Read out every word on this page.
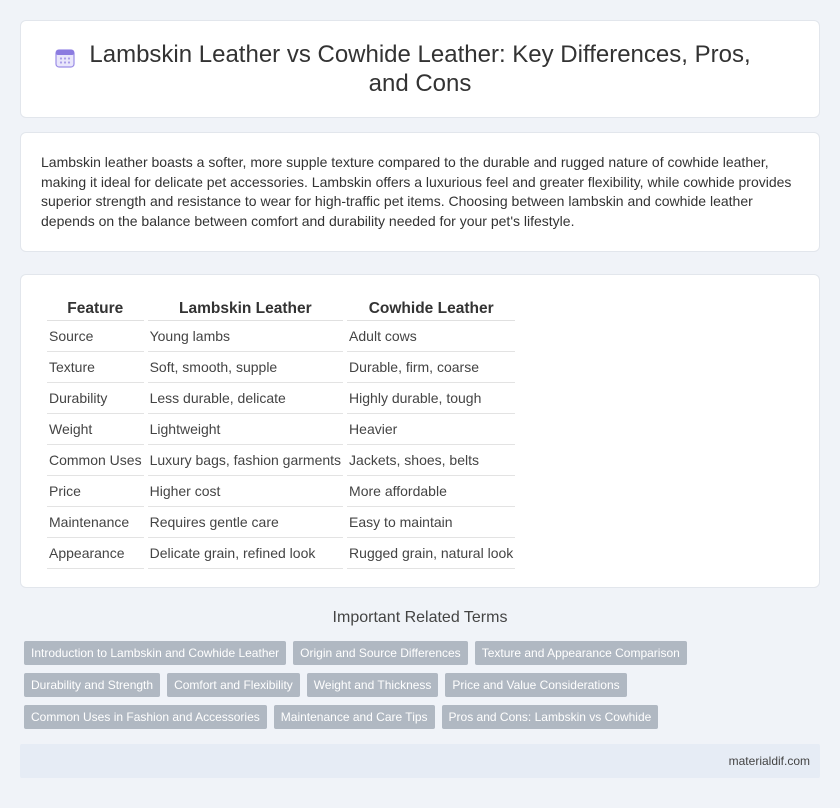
Lambskin Leather vs Cowhide Leather: Key Differences, Pros, and Cons

Lambskin leather boasts a softer, more supple texture compared to the durable and rugged nature of cowhide leather, making it ideal for delicate pet accessories. Lambskin offers a luxurious feel and greater flexibility, while cowhide provides superior strength and resistance to wear for high-traffic pet items. Choosing between lambskin and cowhide leather depends on the balance between comfort and durability needed for your pet's lifestyle.

Feature	Lambskin Leather	Cowhide Leather
Source	Young lambs	Adult cows
Texture	Soft, smooth, supple	Durable, firm, coarse
Durability	Less durable, delicate	Highly durable, tough
Weight	Lightweight	Heavier
Common Uses	Luxury bags, fashion garments	Jackets, shoes, belts
Price	Higher cost	More affordable
Maintenance	Requires gentle care	Easy to maintain
Appearance	Delicate grain, refined look	Rugged grain, natural look
Important Related Terms
Introduction to Lambskin and Cowhide Leather	Origin and Source Differences	Texture and Appearance Comparison
Durability and Strength	Comfort and Flexibility	Weight and Thickness	Price and Value Considerations
Common Uses in Fashion and Accessories	Maintenance and Care Tips	Pros and Cons: Lambskin vs Cowhide
materialdif.com
